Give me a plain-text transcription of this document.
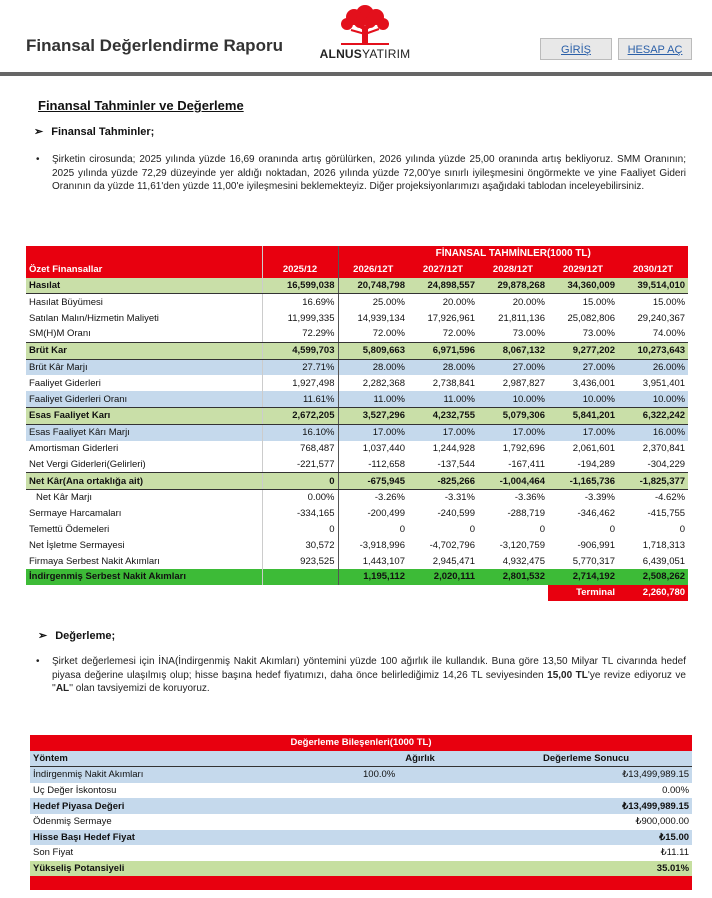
Finansal Değerlendirme Raporu	ALNUSYATIRIM	GİRİŞ	HESAP AÇ
Finansal Tahminler ve Değerleme
➢ Finansal Tahminler;
•	Şirketin cirosunda; 2025 yılında yüzde 16,69 oranında artış görülürken, 2026 yılında yüzde 25,00 oranında artış bekliyoruz. SMM Oranının; 2025 yılında yüzde 72,29 düzeyinde yer aldığı noktadan, 2026 yılında yüzde 72,00'ye sınırlı iyileşmesini öngörmekte ve yine Faaliyet Gideri Oranının da yüzde 11,61'den yüzde 11,00'e iyileşmesini beklemekteyiz. Diğer projeksiyonlarımızı aşağıdaki tablodan inceleyebilirsiniz.
		FİNANSAL TAHMİNLER(1000 TL)				
Özet Finansallar	2025/12	2026/12T	2027/12T	2028/12T	2029/12T	2030/12T
Hasılat	16,599,038	20,748,798	24,898,557	29,878,268	34,360,009	39,514,010
Hasılat Büyümesi	16.69%	25.00%	20.00%	20.00%	15.00%	15.00%
Satılan Malın/Hizmetin Maliyeti	11,999,335	14,939,134	17,926,961	21,811,136	25,082,806	29,240,367
SM(H)M Oranı	72.29%	72.00%	72.00%	73.00%	73.00%	74.00%
Brüt Kar	4,599,703	5,809,663	6,971,596	8,067,132	9,277,202	10,273,643
Brüt Kâr Marjı	27.71%	28.00%	28.00%	27.00%	27.00%	26.00%
Faaliyet Giderleri	1,927,498	2,282,368	2,738,841	2,987,827	3,436,001	3,951,401
Faaliyet Giderleri Oranı	11.61%	11.00%	11.00%	10.00%	10.00%	10.00%
Esas Faaliyet Karı	2,672,205	3,527,296	4,232,755	5,079,306	5,841,201	6,322,242
Esas Faaliyet Kârı Marjı	16.10%	17.00%	17.00%	17.00%	17.00%	16.00%
Amortisman Giderleri	768,487	1,037,440	1,244,928	1,792,696	2,061,601	2,370,841
Net Vergi Giderleri(Gelirleri)	-221,577	-112,658	-137,544	-167,411	-194,289	-304,229
Net Kâr(Ana ortaklığa ait)	0	-675,945	-825,266	-1,004,464	-1,165,736	-1,825,377
Net Kâr Marjı	0.00%	-3.26%	-3.31%	-3.36%	-3.39%	-4.62%
Sermaye Harcamaları	-334,165	-200,499	-240,599	-288,719	-346,462	-415,755
Temettü Ödemeleri	0	0	0	0	0	0
Net İşletme Sermayesi	30,572	-3,918,996	-4,702,796	-3,120,759	-906,991	1,718,313
Firmaya Serbest Nakit Akımları	923,525	1,443,107	2,945,471	4,932,475	5,770,317	6,439,051
İndirgenmiş Serbest Nakit Akımları		1,195,112	2,020,111	2,801,532	2,714,192	2,508,262
					Terminal	2,260,780
➢ Değerleme;
•	Şirket değerlemesi için İNA(İndirgenmiş Nakit Akımları) yöntemini yüzde 100 ağırlık ile kullandık. Buna göre 13,50 Milyar TL civarında hedef piyasa değerine ulaşılmış olup; hisse başına hedef fiyatımızı, daha önce belirlediğimiz 14,26 TL seviyesinden 15,00 TL'ye revize ediyoruz ve ''AL'' olan tavsiyemizi de koruyoruz.
Değerleme Bileşenleri(1000 TL)		
Yöntem	Ağırlık	Değerleme Sonucu
İndirgenmiş Nakit Akımları	100.0%	₺13,499,989.15
Uç Değer İskontosu		0.00%
Hedef Piyasa Değeri		₺13,499,989.15
Ödenmiş Sermaye		₺900,000.00
Hisse Başı Hedef Fiyat		₺15.00
Son Fiyat		₺11.11
Yükseliş Potansiyeli		35.01%
